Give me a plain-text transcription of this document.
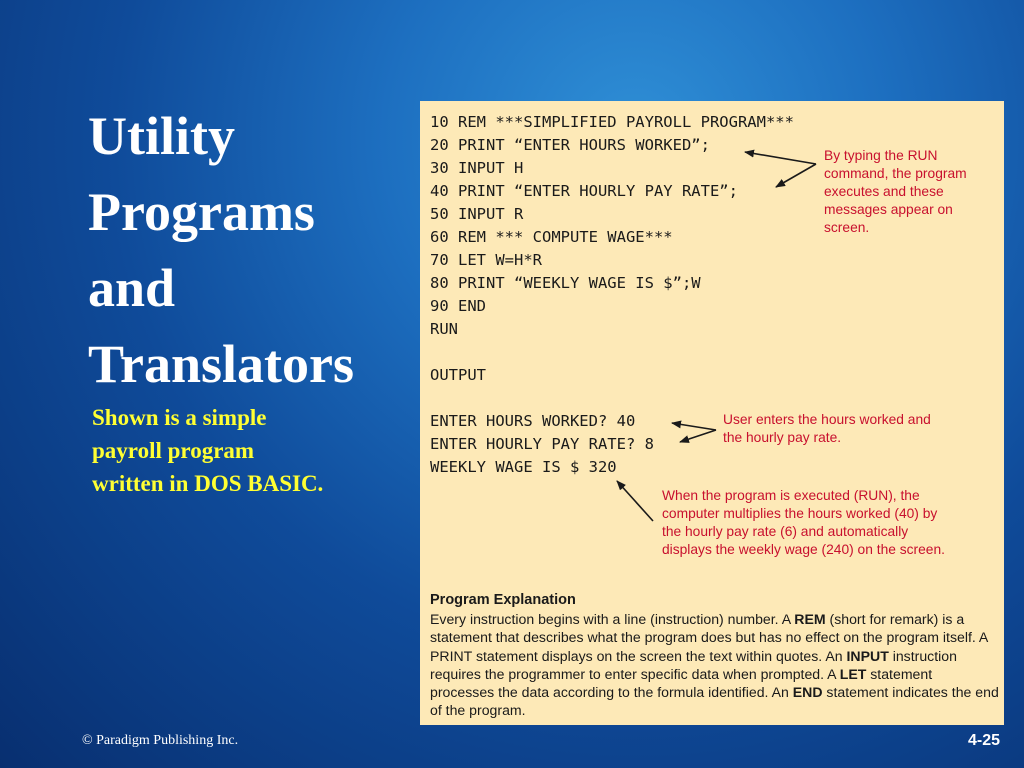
Utility
Programs
and
Translators

Shown is a simple
payroll program
written in DOS BASIC.

10 REM ***SIMPLIFIED PAYROLL PROGRAM***
20 PRINT “ENTER HOURS WORKED”;
30 INPUT H
40 PRINT “ENTER HOURLY PAY RATE”;
50 INPUT R
60 REM *** COMPUTE WAGE***
70 LET W=H*R
80 PRINT “WEEKLY WAGE IS $”;W
90 END
RUN
OUTPUT
ENTER HOURS WORKED? 40
ENTER HOURLY PAY RATE? 8
WEEKLY WAGE IS $ 320
By typing the RUN
command, the program
executes and these
messages appear on
screen.
User enters the hours worked and
the hourly pay rate.
When the program is executed (RUN), the
computer multiplies the hours worked (40) by
the hourly pay rate (6) and automatically
displays the weekly wage (240) on the screen.

Program Explanation

Every instruction begins with a line (instruction) number. A REM (short for remark) is a statement that describes what the program does but has no effect on the program itself. A PRINT statement displays on the screen the text within quotes. An INPUT instruction requires the programmer to enter specific data when prompted. A LET statement processes the data according to the formula identified. An END statement indicates the end of the program.

© Paradigm Publishing Inc.	4-25
